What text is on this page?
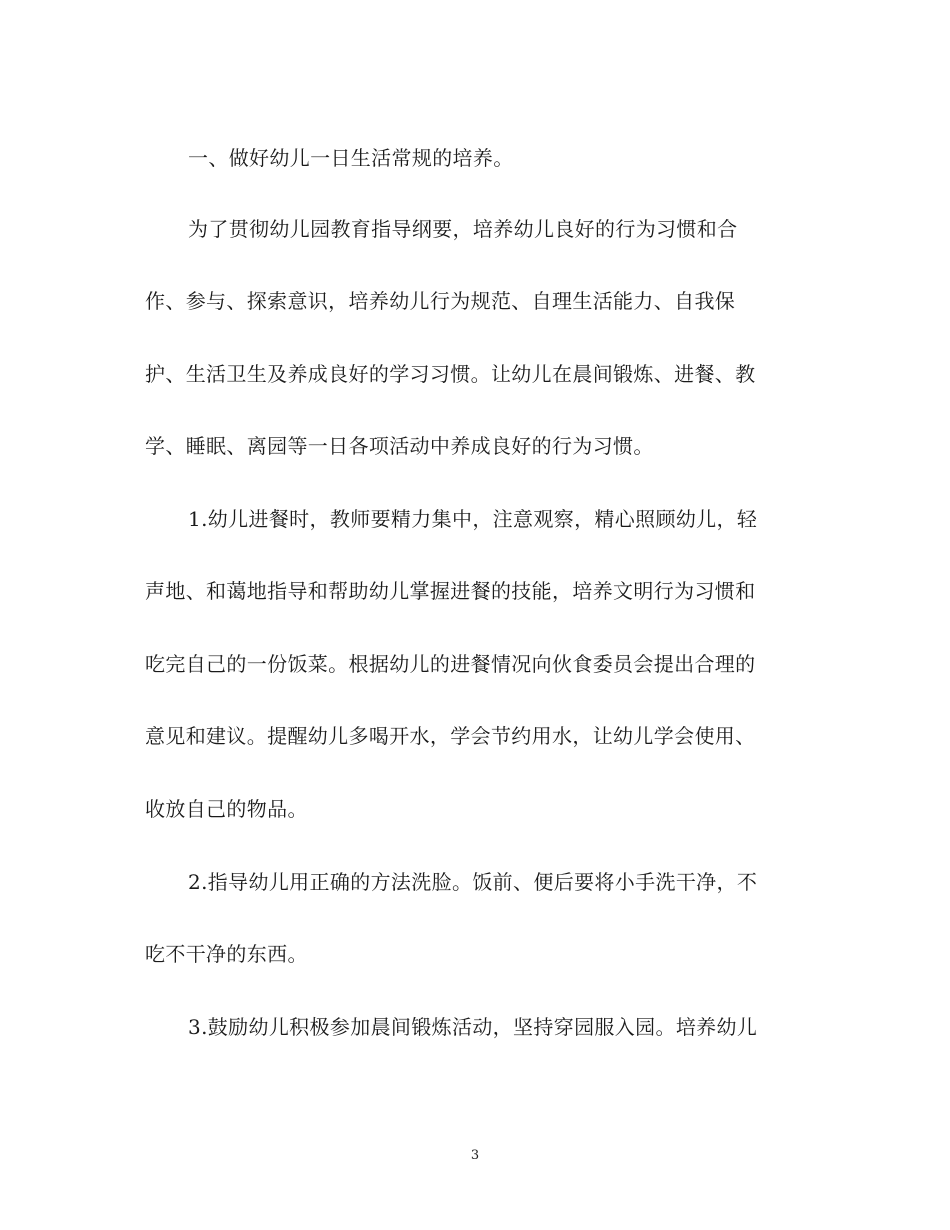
一、做好幼儿一日生活常规的培养。
为了贯彻幼儿园教育指导纲要，培养幼儿良好的行为习惯和合
作、参与、探索意识，培养幼儿行为规范、自理生活能力、自我保
护、生活卫生及养成良好的学习习惯。让幼儿在晨间锻炼、进餐、教
学、睡眠、离园等一日各项活动中养成良好的行为习惯。
1.幼儿进餐时，教师要精力集中，注意观察，精心照顾幼儿，轻
声地、和蔼地指导和帮助幼儿掌握进餐的技能，培养文明行为习惯和
吃完自己的一份饭菜。根据幼儿的进餐情况向伙食委员会提出合理的
意见和建议。提醒幼儿多喝开水，学会节约用水，让幼儿学会使用、
收放自己的物品。
2.指导幼儿用正确的方法洗脸。饭前、便后要将小手洗干净，不
吃不干净的东西。
3.鼓励幼儿积极参加晨间锻炼活动，坚持穿园服入园。培养幼儿
3
